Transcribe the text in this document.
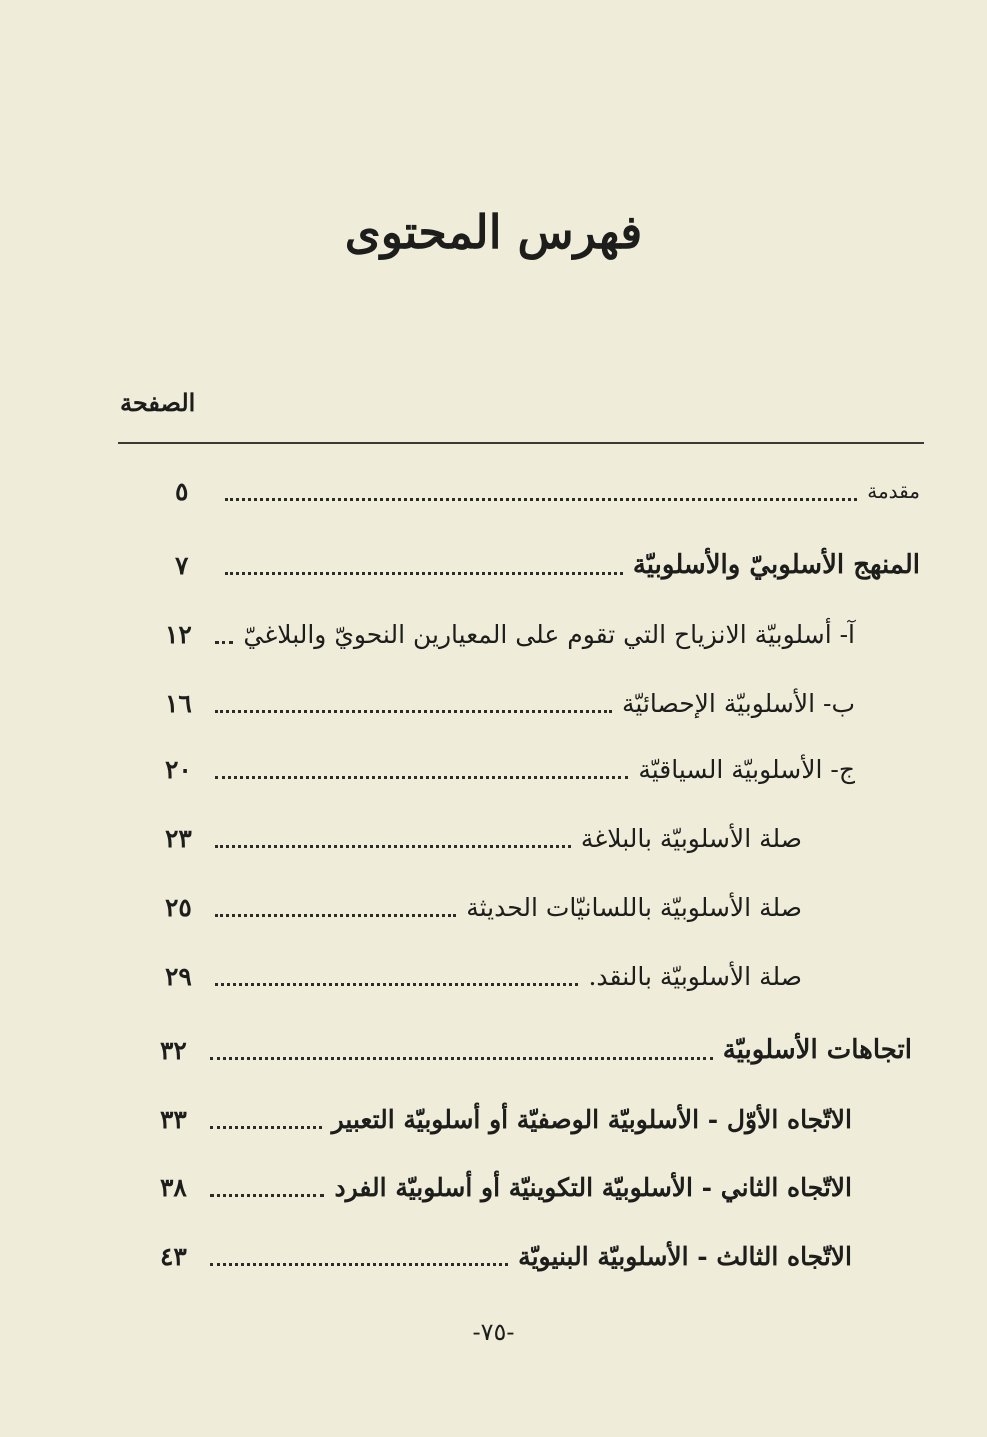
فهرس المحتوى
الصفحة
مقدمة
٥
المنهج الأسلوبيّ والأسلوبيّة
٧
آ- أسلوبيّة الانزياح التي تقوم على المعيارين النحويّ والبلاغيّ
١٢
ب- الأسلوبيّة الإحصائيّة
١٦
ج- الأسلوبيّة السياقيّة
٢٠
صلة الأسلوبيّة بالبلاغة
٢٣
صلة الأسلوبيّة باللسانيّات الحديثة
٢٥
صلة الأسلوبيّة بالنقد.
٢٩
اتجاهات الأسلوبيّة
٣٢
الاتّجاه الأوّل - الأسلوبيّة الوصفيّة أو أسلوبيّة التعبير
٣٣
الاتّجاه الثاني - الأسلوبيّة التكوينيّة أو أسلوبيّة الفرد
٣٨
الاتّجاه الثالث - الأسلوبيّة البنيويّة
٤٣
-٧٥-
